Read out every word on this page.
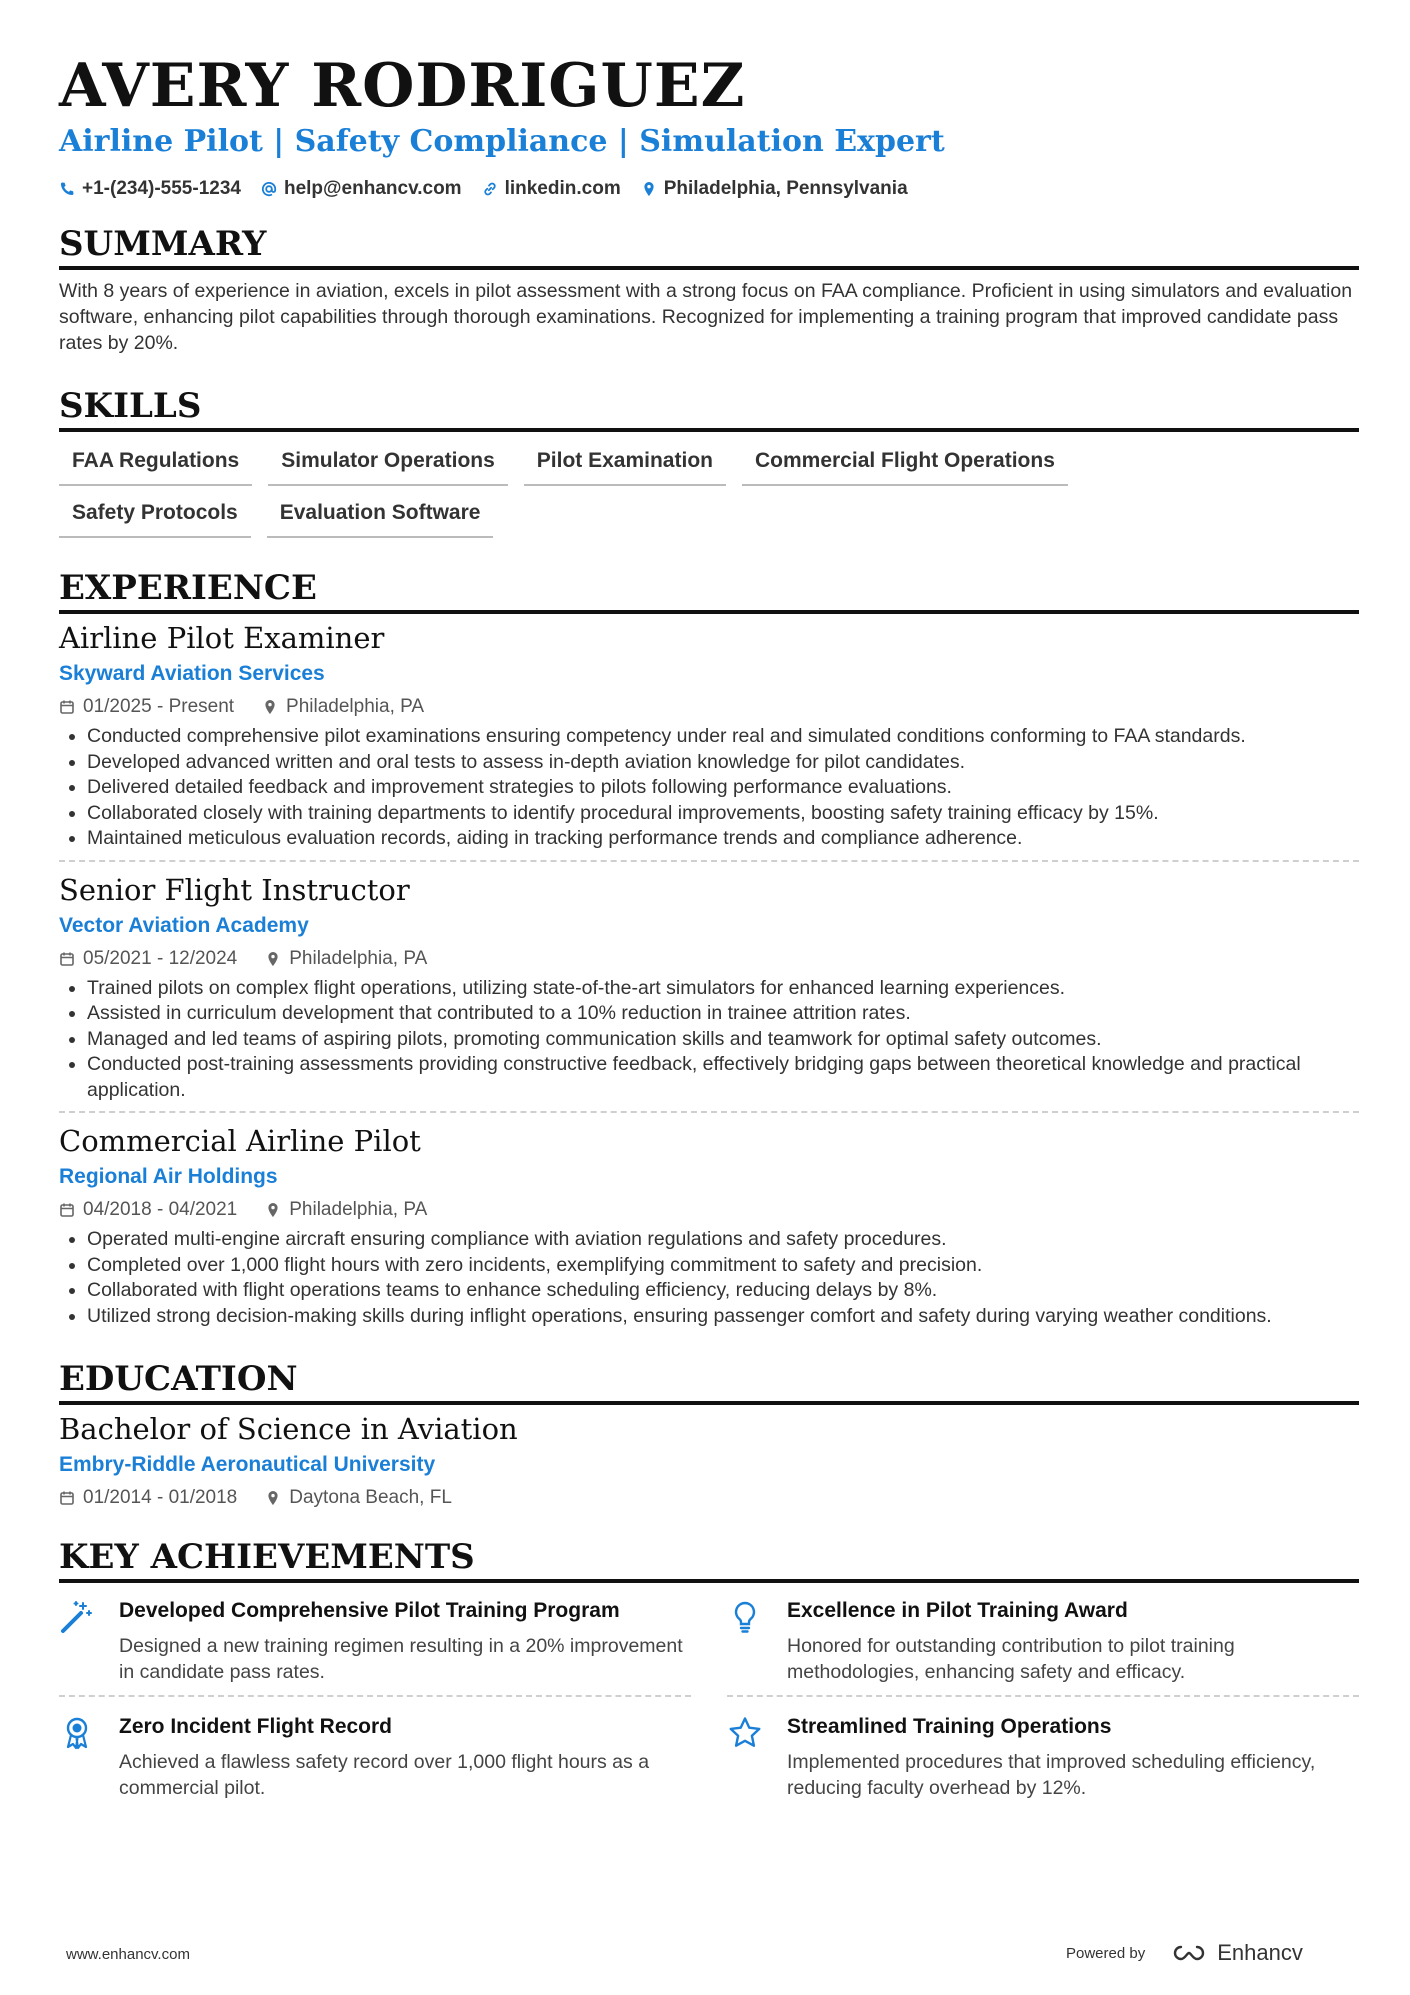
AVERY RODRIGUEZ
Airline Pilot | Safety Compliance | Simulation Expert
+1-(234)-555-1234 help@enhancv.com linkedin.com Philadelphia, Pennsylvania
SUMMARY
With 8 years of experience in aviation, excels in pilot assessment with a strong focus on FAA compliance. Proficient in using simulators and evaluation software, enhancing pilot capabilities through thorough examinations. Recognized for implementing a training program that improved candidate pass rates by 20%.
SKILLS
FAA Regulations	Simulator Operations	Pilot Examination	Commercial Flight Operations
Safety Protocols	Evaluation Software
EXPERIENCE
Airline Pilot Examiner
Skyward Aviation Services
01/2025 - Present	Philadelphia, PA
• Conducted comprehensive pilot examinations ensuring competency under real and simulated conditions conforming to FAA standards.
• Developed advanced written and oral tests to assess in-depth aviation knowledge for pilot candidates.
• Delivered detailed feedback and improvement strategies to pilots following performance evaluations.
• Collaborated closely with training departments to identify procedural improvements, boosting safety training efficacy by 15%.
• Maintained meticulous evaluation records, aiding in tracking performance trends and compliance adherence.
Senior Flight Instructor
Vector Aviation Academy
05/2021 - 12/2024	Philadelphia, PA
• Trained pilots on complex flight operations, utilizing state-of-the-art simulators for enhanced learning experiences.
• Assisted in curriculum development that contributed to a 10% reduction in trainee attrition rates.
• Managed and led teams of aspiring pilots, promoting communication skills and teamwork for optimal safety outcomes.
• Conducted post-training assessments providing constructive feedback, effectively bridging gaps between theoretical knowledge and practical application.
Commercial Airline Pilot
Regional Air Holdings
04/2018 - 04/2021	Philadelphia, PA
• Operated multi-engine aircraft ensuring compliance with aviation regulations and safety procedures.
• Completed over 1,000 flight hours with zero incidents, exemplifying commitment to safety and precision.
• Collaborated with flight operations teams to enhance scheduling efficiency, reducing delays by 8%.
• Utilized strong decision-making skills during inflight operations, ensuring passenger comfort and safety during varying weather conditions.
EDUCATION
Bachelor of Science in Aviation
Embry-Riddle Aeronautical University
01/2014 - 01/2018	Daytona Beach, FL
KEY ACHIEVEMENTS
Developed Comprehensive Pilot Training Program
Designed a new training regimen resulting in a 20% improvement in candidate pass rates.
Excellence in Pilot Training Award
Honored for outstanding contribution to pilot training methodologies, enhancing safety and efficacy.
Zero Incident Flight Record
Achieved a flawless safety record over 1,000 flight hours as a commercial pilot.
Streamlined Training Operations
Implemented procedures that improved scheduling efficiency, reducing faculty overhead by 12%.
www.enhancv.com	Powered by	Enhancv
